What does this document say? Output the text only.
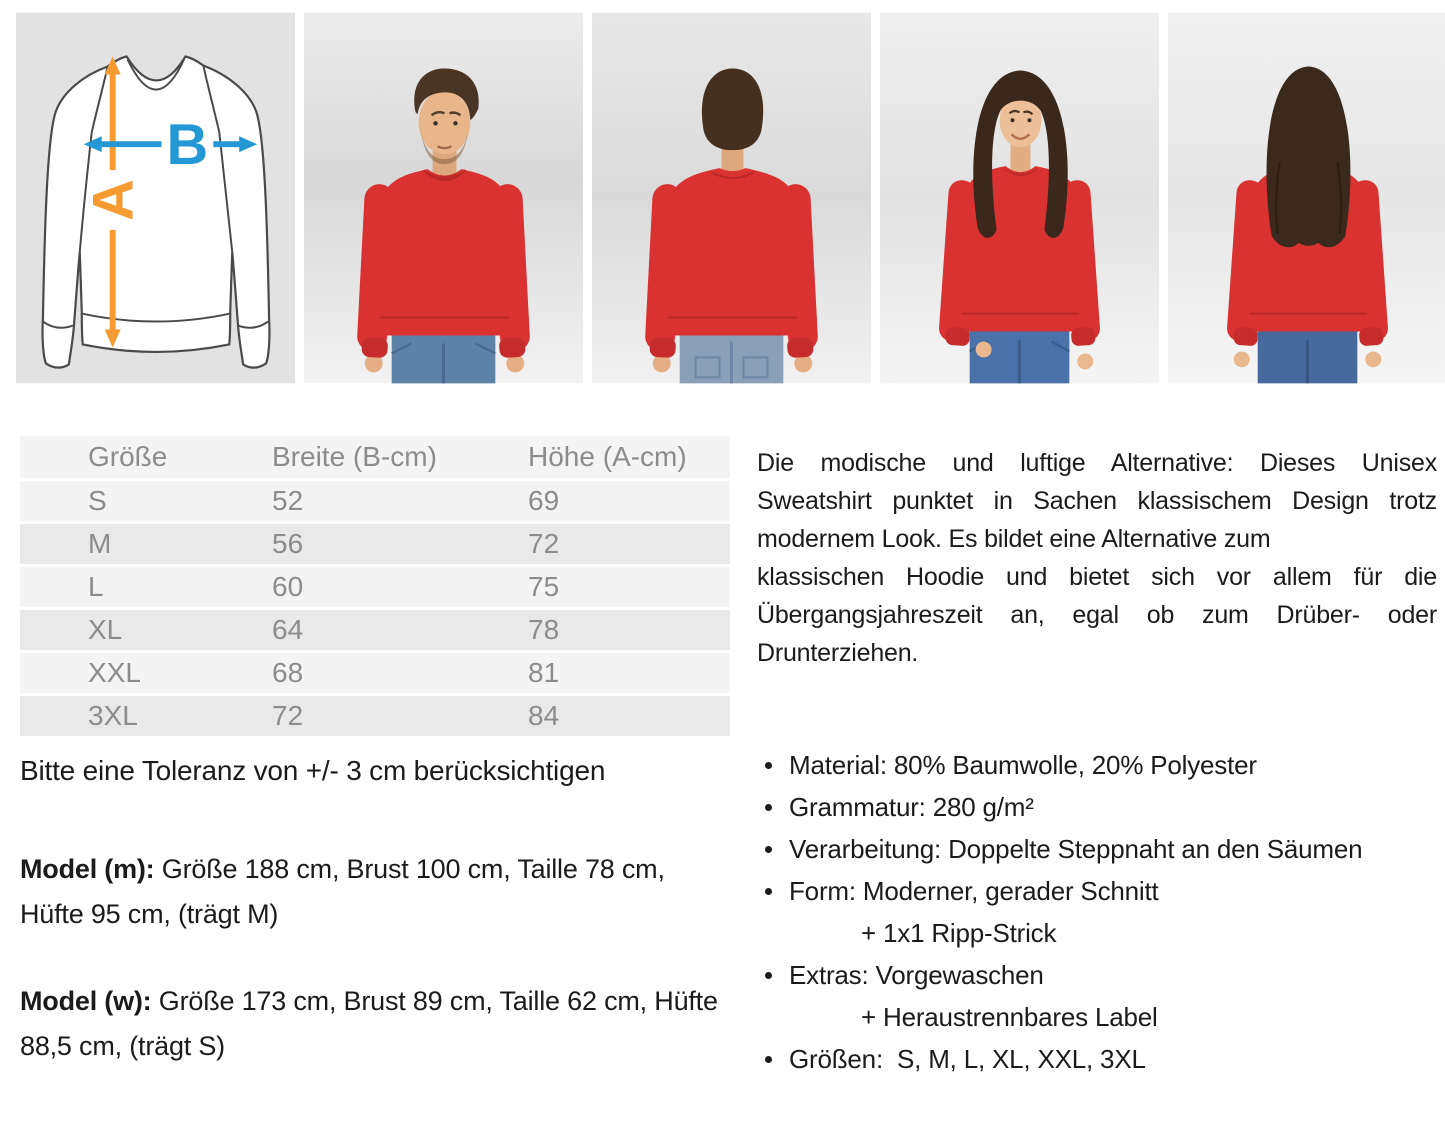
A
B
Größe	Breite (B-cm)	Höhe (A-cm)
S	52	69
M	56	72
L	60	75
XL	64	78
XXL	68	81
3XL	72	84
Bitte eine Toleranz von +/- 3 cm berücksichtigen
Model (m): Größe 188 cm, Brust 100 cm, Taille 78 cm, Hüfte 95 cm, (trägt M)
Model (w): Größe 173 cm, Brust 89 cm, Taille 62 cm, Hüfte 88,5 cm, (trägt S)

Die modische und luftige Alternative: Dieses Unisex Sweatshirt punktet in Sachen klassischem Design trotz modernem Look. Es bildet eine Alternative zum

klassischen Hoodie und bietet sich vor allem für die Übergangsjahreszeit an, egal ob zum Drüber- oder Drunterziehen.

Material: 80% Baumwolle, 20% Polyester
Grammatur: 280 g/m²
Verarbeitung: Doppelte Steppnaht an den Säumen
Form: Moderner, gerader Schnitt
+ 1x1 Ripp-Strick
Extras: Vorgewaschen
+ Heraustrennbares Label
Größen:  S, M, L, XL, XXL, 3XL
